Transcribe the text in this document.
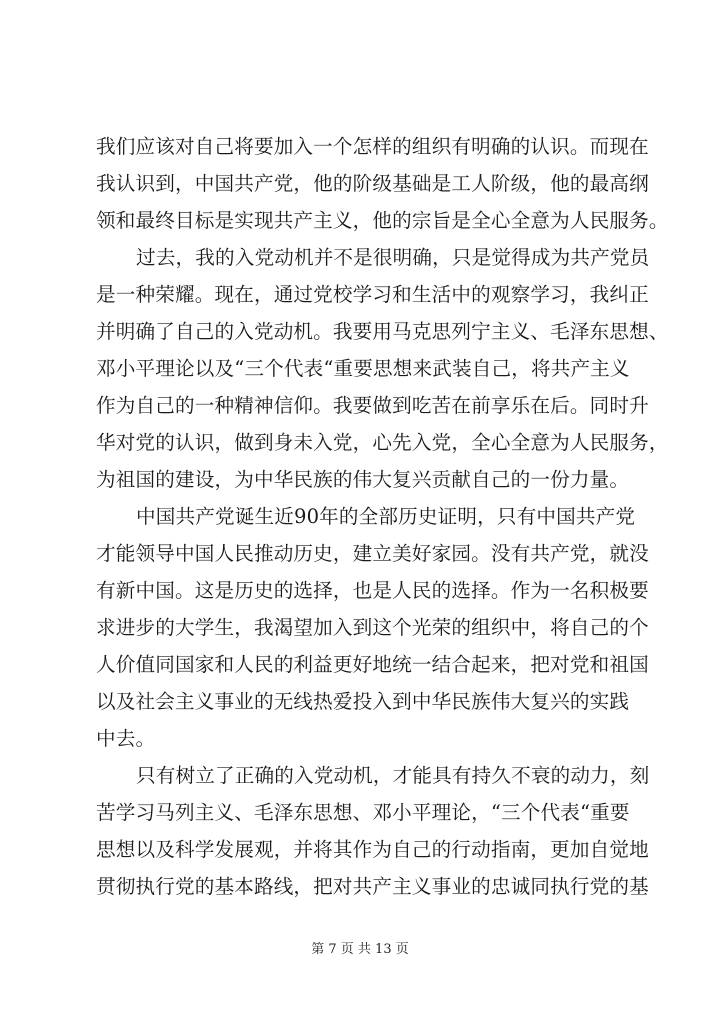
我们应该对自己将要加入一个怎样的组织有明确的认识。而现在
我认识到，中国共产党，他的阶级基础是工人阶级，他的最高纲
领和最终目标是实现共产主义，他的宗旨是全心全意为人民服务。
过去，我的入党动机并不是很明确，只是觉得成为共产党员
是一种荣耀。现在，通过党校学习和生活中的观察学习，我纠正
并明确了自己的入党动机。我要用马克思列宁主义、毛泽东思想、
邓小平理论以及“三个代表“重要思想来武装自己，将共产主义
作为自己的一种精神信仰。我要做到吃苦在前享乐在后。同时升
华对党的认识，做到身未入党，心先入党，全心全意为人民服务，
为祖国的建设，为中华民族的伟大复兴贡献自己的一份力量。
中国共产党诞生近90年的全部历史证明，只有中国共产党
才能领导中国人民推动历史，建立美好家园。没有共产党，就没
有新中国。这是历史的选择，也是人民的选择。作为一名积极要
求进步的大学生，我渴望加入到这个光荣的组织中，将自己的个
人价值同国家和人民的利益更好地统一结合起来，把对党和祖国
以及社会主义事业的无线热爱投入到中华民族伟大复兴的实践
中去。
只有树立了正确的入党动机，才能具有持久不衰的动力，刻
苦学习马列主义、毛泽东思想、邓小平理论，“三个代表“重要
思想以及科学发展观，并将其作为自己的行动指南，更加自觉地
贯彻执行党的基本路线，把对共产主义事业的忠诚同执行党的基
第 7 页 共 13 页
